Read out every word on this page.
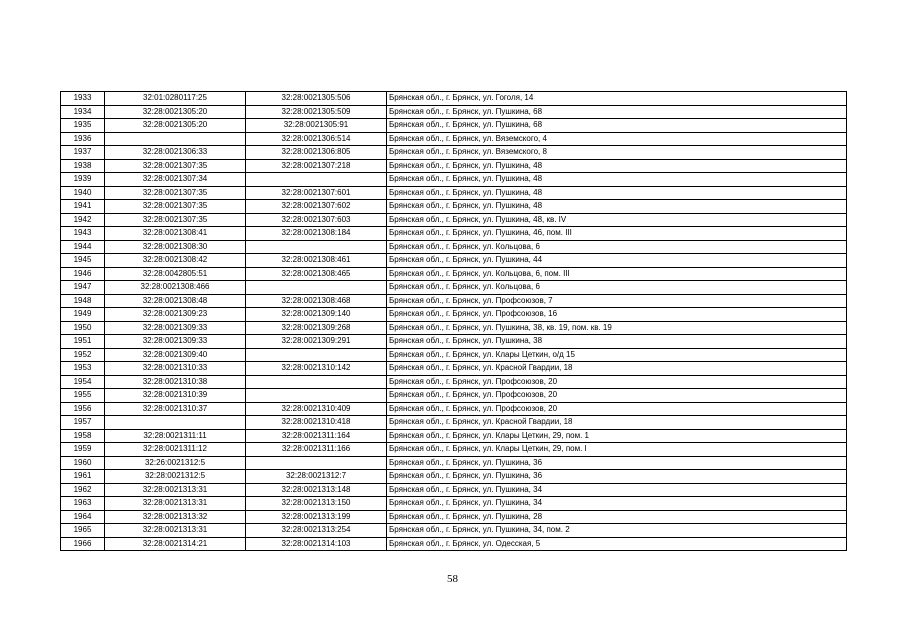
1933	32:01:0280117:25	32:28:0021305:506	Брянская обл., г. Брянск, ул. Гоголя, 14
1934	32:28:0021305:20	32:28:0021305:509	Брянская обл., г. Брянск, ул. Пушкина, 68
1935	32:28:0021305:20	32:28:0021305:91	Брянская обл., г. Брянск, ул. Пушкина, 68
1936		32:28:0021306:514	Брянская обл., г. Брянск, ул. Вяземского, 4
1937	32:28:0021306:33	32:28:0021306:805	Брянская обл., г. Брянск, ул. Вяземского, 8
1938	32:28:0021307:35	32:28:0021307:218	Брянская обл., г. Брянск, ул. Пушкина, 48
1939	32:28:0021307:34		Брянская обл., г. Брянск, ул. Пушкина, 48
1940	32:28:0021307:35	32:28:0021307:601	Брянская обл., г. Брянск, ул. Пушкина, 48
1941	32:28:0021307:35	32:28:0021307:602	Брянская обл., г. Брянск, ул. Пушкина, 48
1942	32:28:0021307:35	32:28:0021307:603	Брянская обл., г. Брянск, ул. Пушкина, 48, кв. IV
1943	32:28:0021308:41	32:28:0021308:184	Брянская обл., г. Брянск, ул. Пушкина, 46, пом. III
1944	32:28:0021308:30		Брянская обл., г. Брянск, ул. Кольцова, 6
1945	32:28:0021308:42	32:28:0021308:461	Брянская обл., г. Брянск, ул. Пушкина, 44
1946	32:28:0042805:51	32:28:0021308:465	Брянская обл., г. Брянск, ул. Кольцова, 6, пом. III
1947	32:28:0021308:466		Брянская обл., г. Брянск, ул. Кольцова, 6
1948	32:28:0021308:48	32:28:0021308:468	Брянская обл., г. Брянск, ул. Профсоюзов, 7
1949	32:28:0021309:23	32:28:0021309:140	Брянская обл., г. Брянск, ул. Профсоюзов, 16
1950	32:28:0021309:33	32:28:0021309:268	Брянская обл., г. Брянск, ул. Пушкина, 38, кв. 19, пом. кв. 19
1951	32:28:0021309:33	32:28:0021309:291	Брянская обл., г. Брянск, ул. Пушкина, 38
1952	32:28:0021309:40		Брянская обл., г. Брянск, ул. Клары Цеткин, о/д 15
1953	32:28:0021310:33	32:28:0021310:142	Брянская обл., г. Брянск, ул. Красной Гвардии, 18
1954	32:28:0021310:38		Брянская обл., г. Брянск, ул. Профсоюзов, 20
1955	32:28:0021310:39		Брянская обл., г. Брянск, ул. Профсоюзов, 20
1956	32:28:0021310:37	32:28:0021310:409	Брянская обл., г. Брянск, ул. Профсоюзов, 20
1957		32:28:0021310:418	Брянская обл., г. Брянск, ул. Красной Гвардии, 18
1958	32:28:0021311:11	32:28:0021311:164	Брянская обл., г. Брянск, ул. Клары Цеткин, 29, пом. 1
1959	32:28:0021311:12	32:28:0021311:166	Брянская обл., г. Брянск, ул. Клары Цеткин, 29, пом. I
1960	32:26:0021312:5		Брянская обл., г. Брянск, ул. Пушкина, 36
1961	32:28:0021312:5	32:28:0021312:7	Брянская обл., г. Брянск, ул. Пушкина, 36
1962	32:28:0021313:31	32:28:0021313:148	Брянская обл., г. Брянск, ул. Пушкина, 34
1963	32:28:0021313:31	32:28:0021313:150	Брянская обл., г. Брянск, ул. Пушкина, 34
1964	32:28:0021313:32	32:28:0021313:199	Брянская обл., г. Брянск, ул. Пушкина, 28
1965	32:28:0021313:31	32:28:0021313:254	Брянская обл., г. Брянск, ул. Пушкина, 34, пом. 2
1966	32:28:0021314:21	32:28:0021314:103	Брянская обл., г. Брянск, ул. Одесская, 5
58
